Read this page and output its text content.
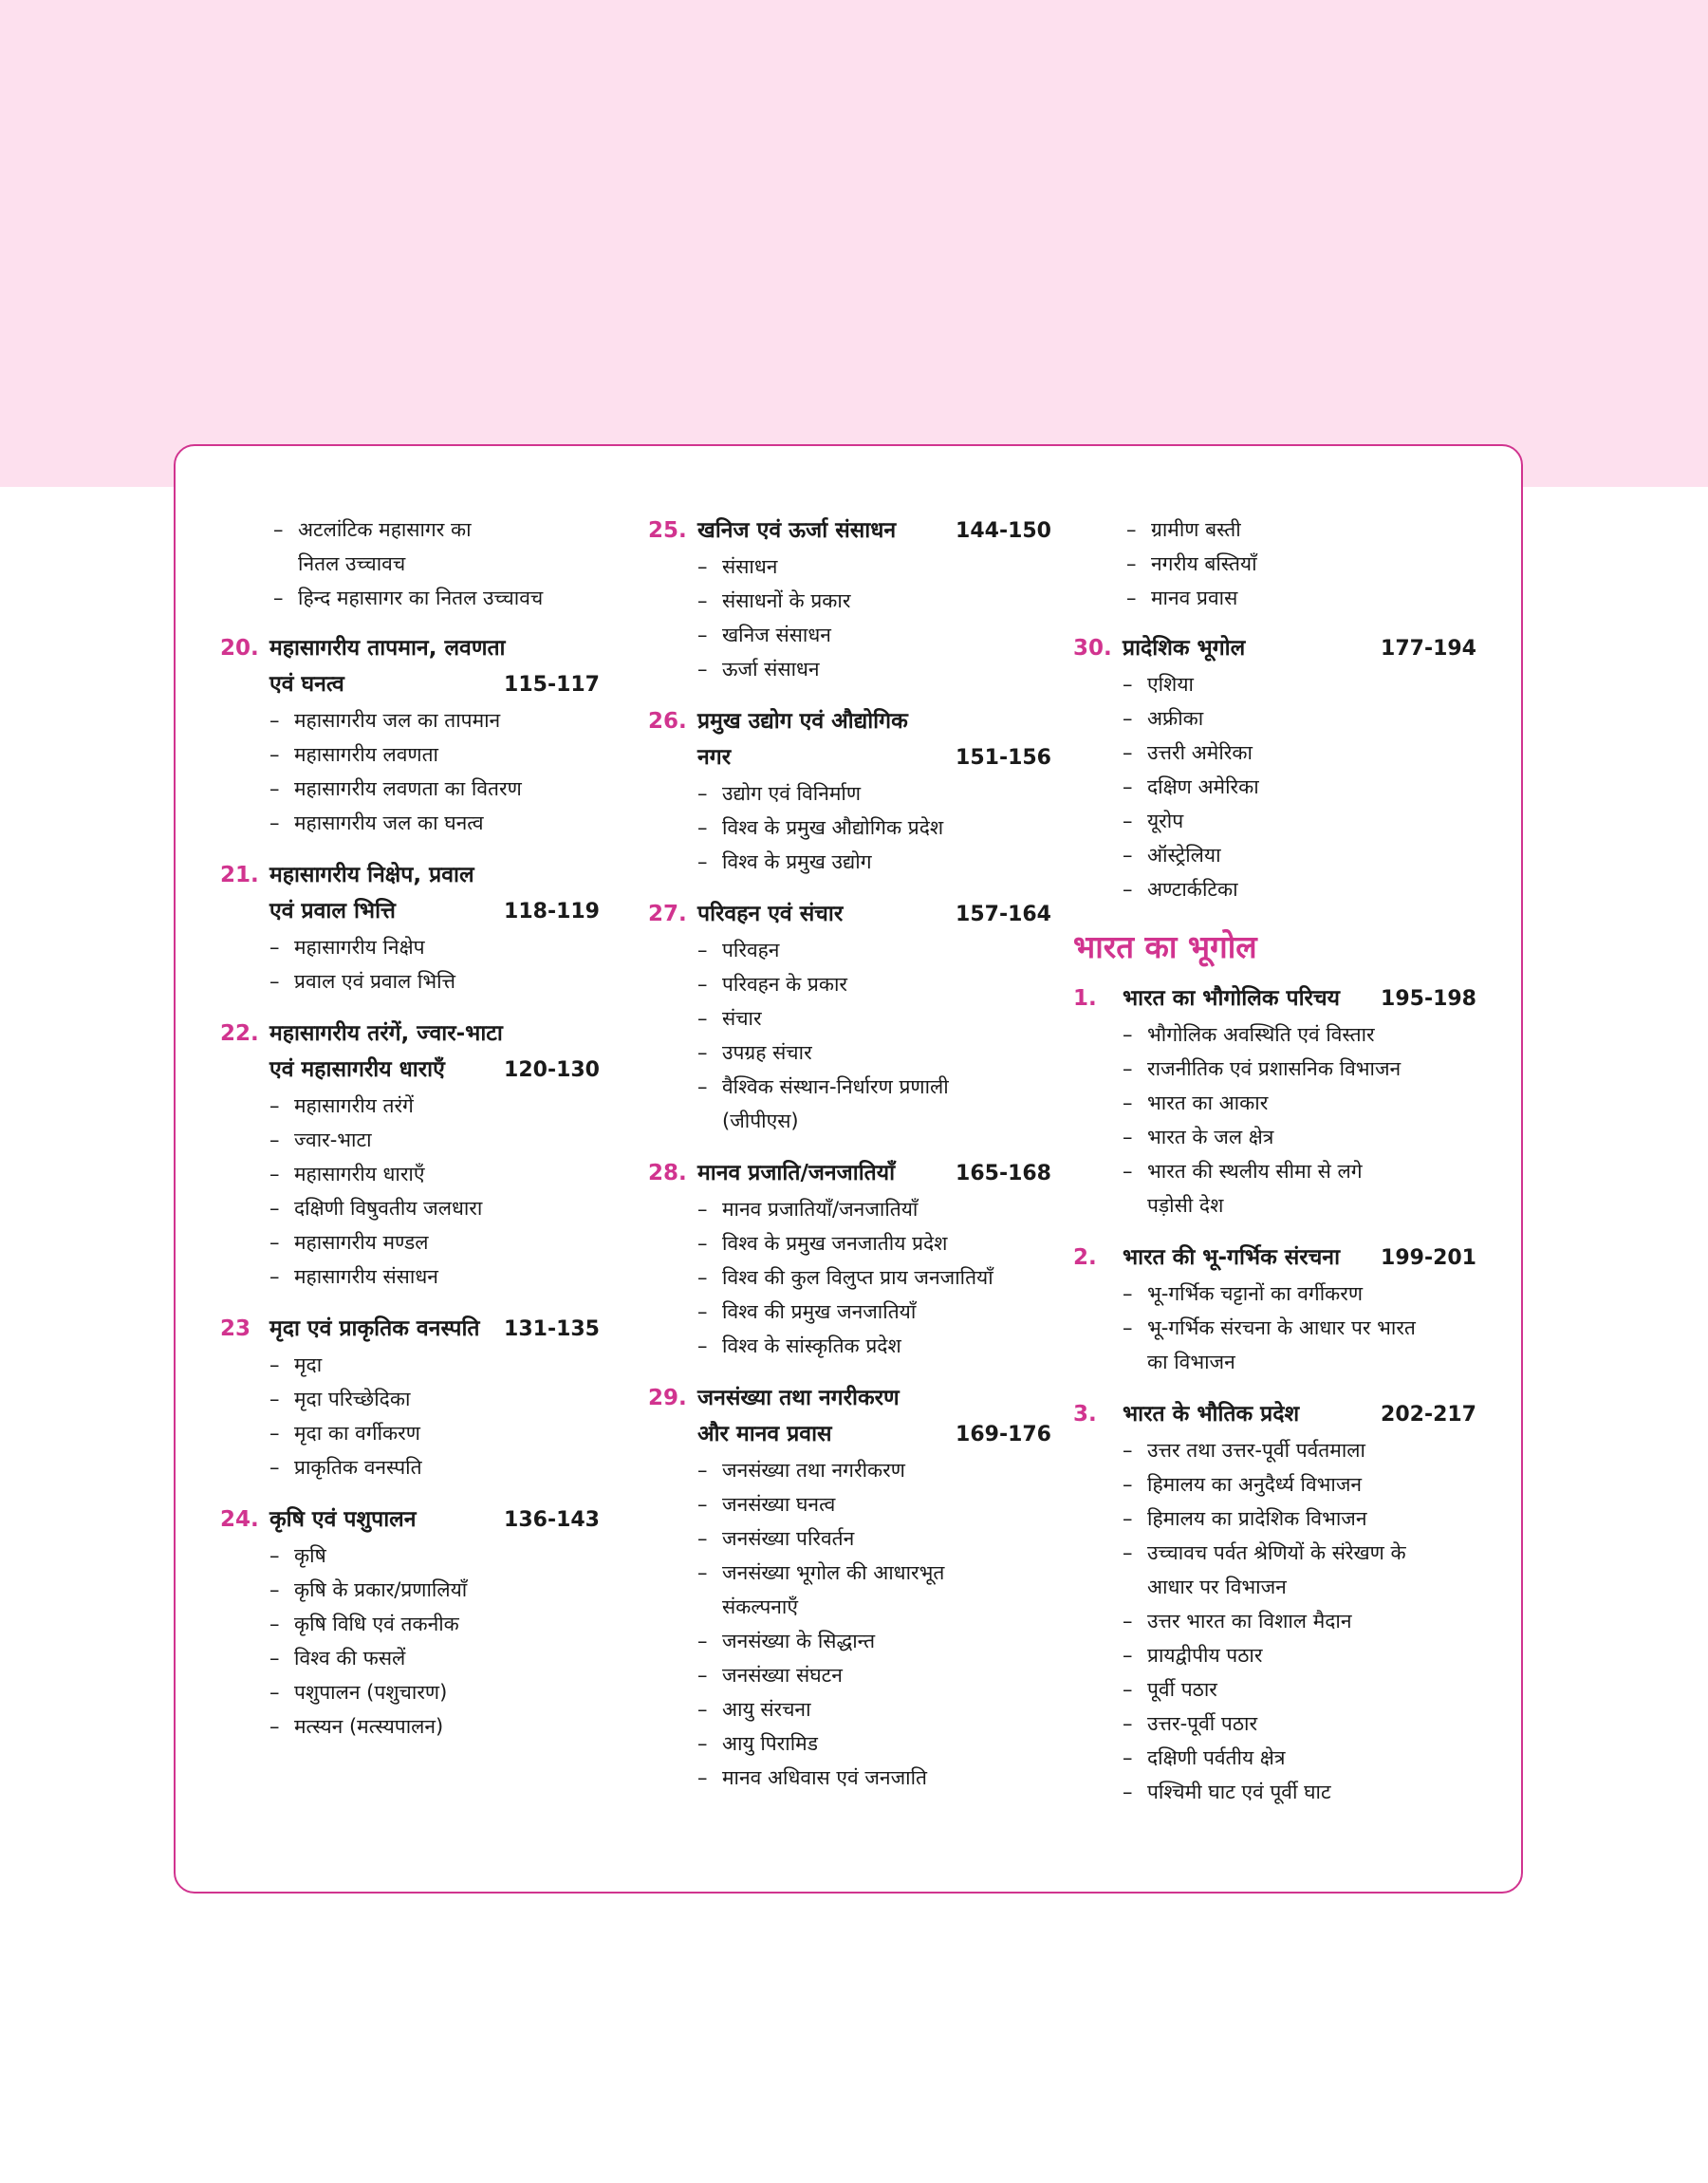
– अटलांटिक महासागर का
नितल उच्चावच
– हिन्द महासागर का नितल उच्चावच
20. महासागरीय तापमान, लवणता
एवं घनत्व	115-117
– महासागरीय जल का तापमान
– महासागरीय लवणता
– महासागरीय लवणता का वितरण
– महासागरीय जल का घनत्व
21. महासागरीय निक्षेप, प्रवाल
एवं प्रवाल भित्ति	118-119
– महासागरीय निक्षेप
– प्रवाल एवं प्रवाल भित्ति
22. महासागरीय तरंगें, ज्वार-भाटा
एवं महासागरीय धाराएँ	120-130
– महासागरीय तरंगें
– ज्वार-भाटा
– महासागरीय धाराएँ
– दक्षिणी विषुवतीय जलधारा
– महासागरीय मण्डल
– महासागरीय संसाधन
23 मृदा एवं प्राकृतिक वनस्पति	131-135
– मृदा
– मृदा परिच्छेदिका
– मृदा का वर्गीकरण
– प्राकृतिक वनस्पति
24. कृषि एवं पशुपालन	136-143
– कृषि
– कृषि के प्रकार/प्रणालियाँ
– कृषि विधि एवं तकनीक
– विश्व की फसलें
– पशुपालन (पशुचारण)
– मत्स्यन (मत्स्यपालन)
25. खनिज एवं ऊर्जा संसाधन	144-150
– संसाधन
– संसाधनों के प्रकार
– खनिज संसाधन
– ऊर्जा संसाधन
26. प्रमुख उद्योग एवं औद्योगिक
नगर	151-156
– उद्योग एवं विनिर्माण
– विश्व के प्रमुख औद्योगिक प्रदेश
– विश्व के प्रमुख उद्योग
27. परिवहन एवं संचार	157-164
– परिवहन
– परिवहन के प्रकार
– संचार
– उपग्रह संचार
– वैश्विक संस्थान-निर्धारण प्रणाली
(जीपीएस)
28. मानव प्रजाति/जनजातियाँ	165-168
– मानव प्रजातियाँ/जनजातियाँ
– विश्व के प्रमुख जनजातीय प्रदेश
– विश्व की कुल विलुप्त प्राय जनजातियाँ
– विश्व की प्रमुख जनजातियाँ
– विश्व के सांस्कृतिक प्रदेश
29. जनसंख्या तथा नगरीकरण
और मानव प्रवास	169-176
– जनसंख्या तथा नगरीकरण
– जनसंख्या घनत्व
– जनसंख्या परिवर्तन
– जनसंख्या भूगोल की आधारभूत
संकल्पनाएँ
– जनसंख्या के सिद्धान्त
– जनसंख्या संघटन
– आयु संरचना
– आयु पिरामिड
– मानव अधिवास एवं जनजाति
– ग्रामीण बस्ती
– नगरीय बस्तियाँ
– मानव प्रवास
30. प्रादेशिक भूगोल	177-194
– एशिया
– अफ्रीका
– उत्तरी अमेरिका
– दक्षिण अमेरिका
– यूरोप
– ऑस्ट्रेलिया
– अण्टार्कटिका
भारत का भूगोल
1.	भारत का भौगोलिक परिचय	195-198
– भौगोलिक अवस्थिति एवं विस्तार
– राजनीतिक एवं प्रशासनिक विभाजन
– भारत का आकार
– भारत के जल क्षेत्र
– भारत की स्थलीय सीमा से लगे
पड़ोसी देश
2.	भारत की भू-गर्भिक संरचना	199-201
– भू-गर्भिक चट्टानों का वर्गीकरण
– भू-गर्भिक संरचना के आधार पर भारत
का विभाजन
3.	भारत के भौतिक प्रदेश	202-217
– उत्तर तथा उत्तर-पूर्वी पर्वतमाला
– हिमालय का अनुदैर्ध्य विभाजन
– हिमालय का प्रादेशिक विभाजन
– उच्चावच पर्वत श्रेणियों के संरेखण के
आधार पर विभाजन
– उत्तर भारत का विशाल मैदान
– प्रायद्वीपीय पठार
– पूर्वी पठार
– उत्तर-पूर्वी पठार
– दक्षिणी पर्वतीय क्षेत्र
– पश्चिमी घाट एवं पूर्वी घाट
